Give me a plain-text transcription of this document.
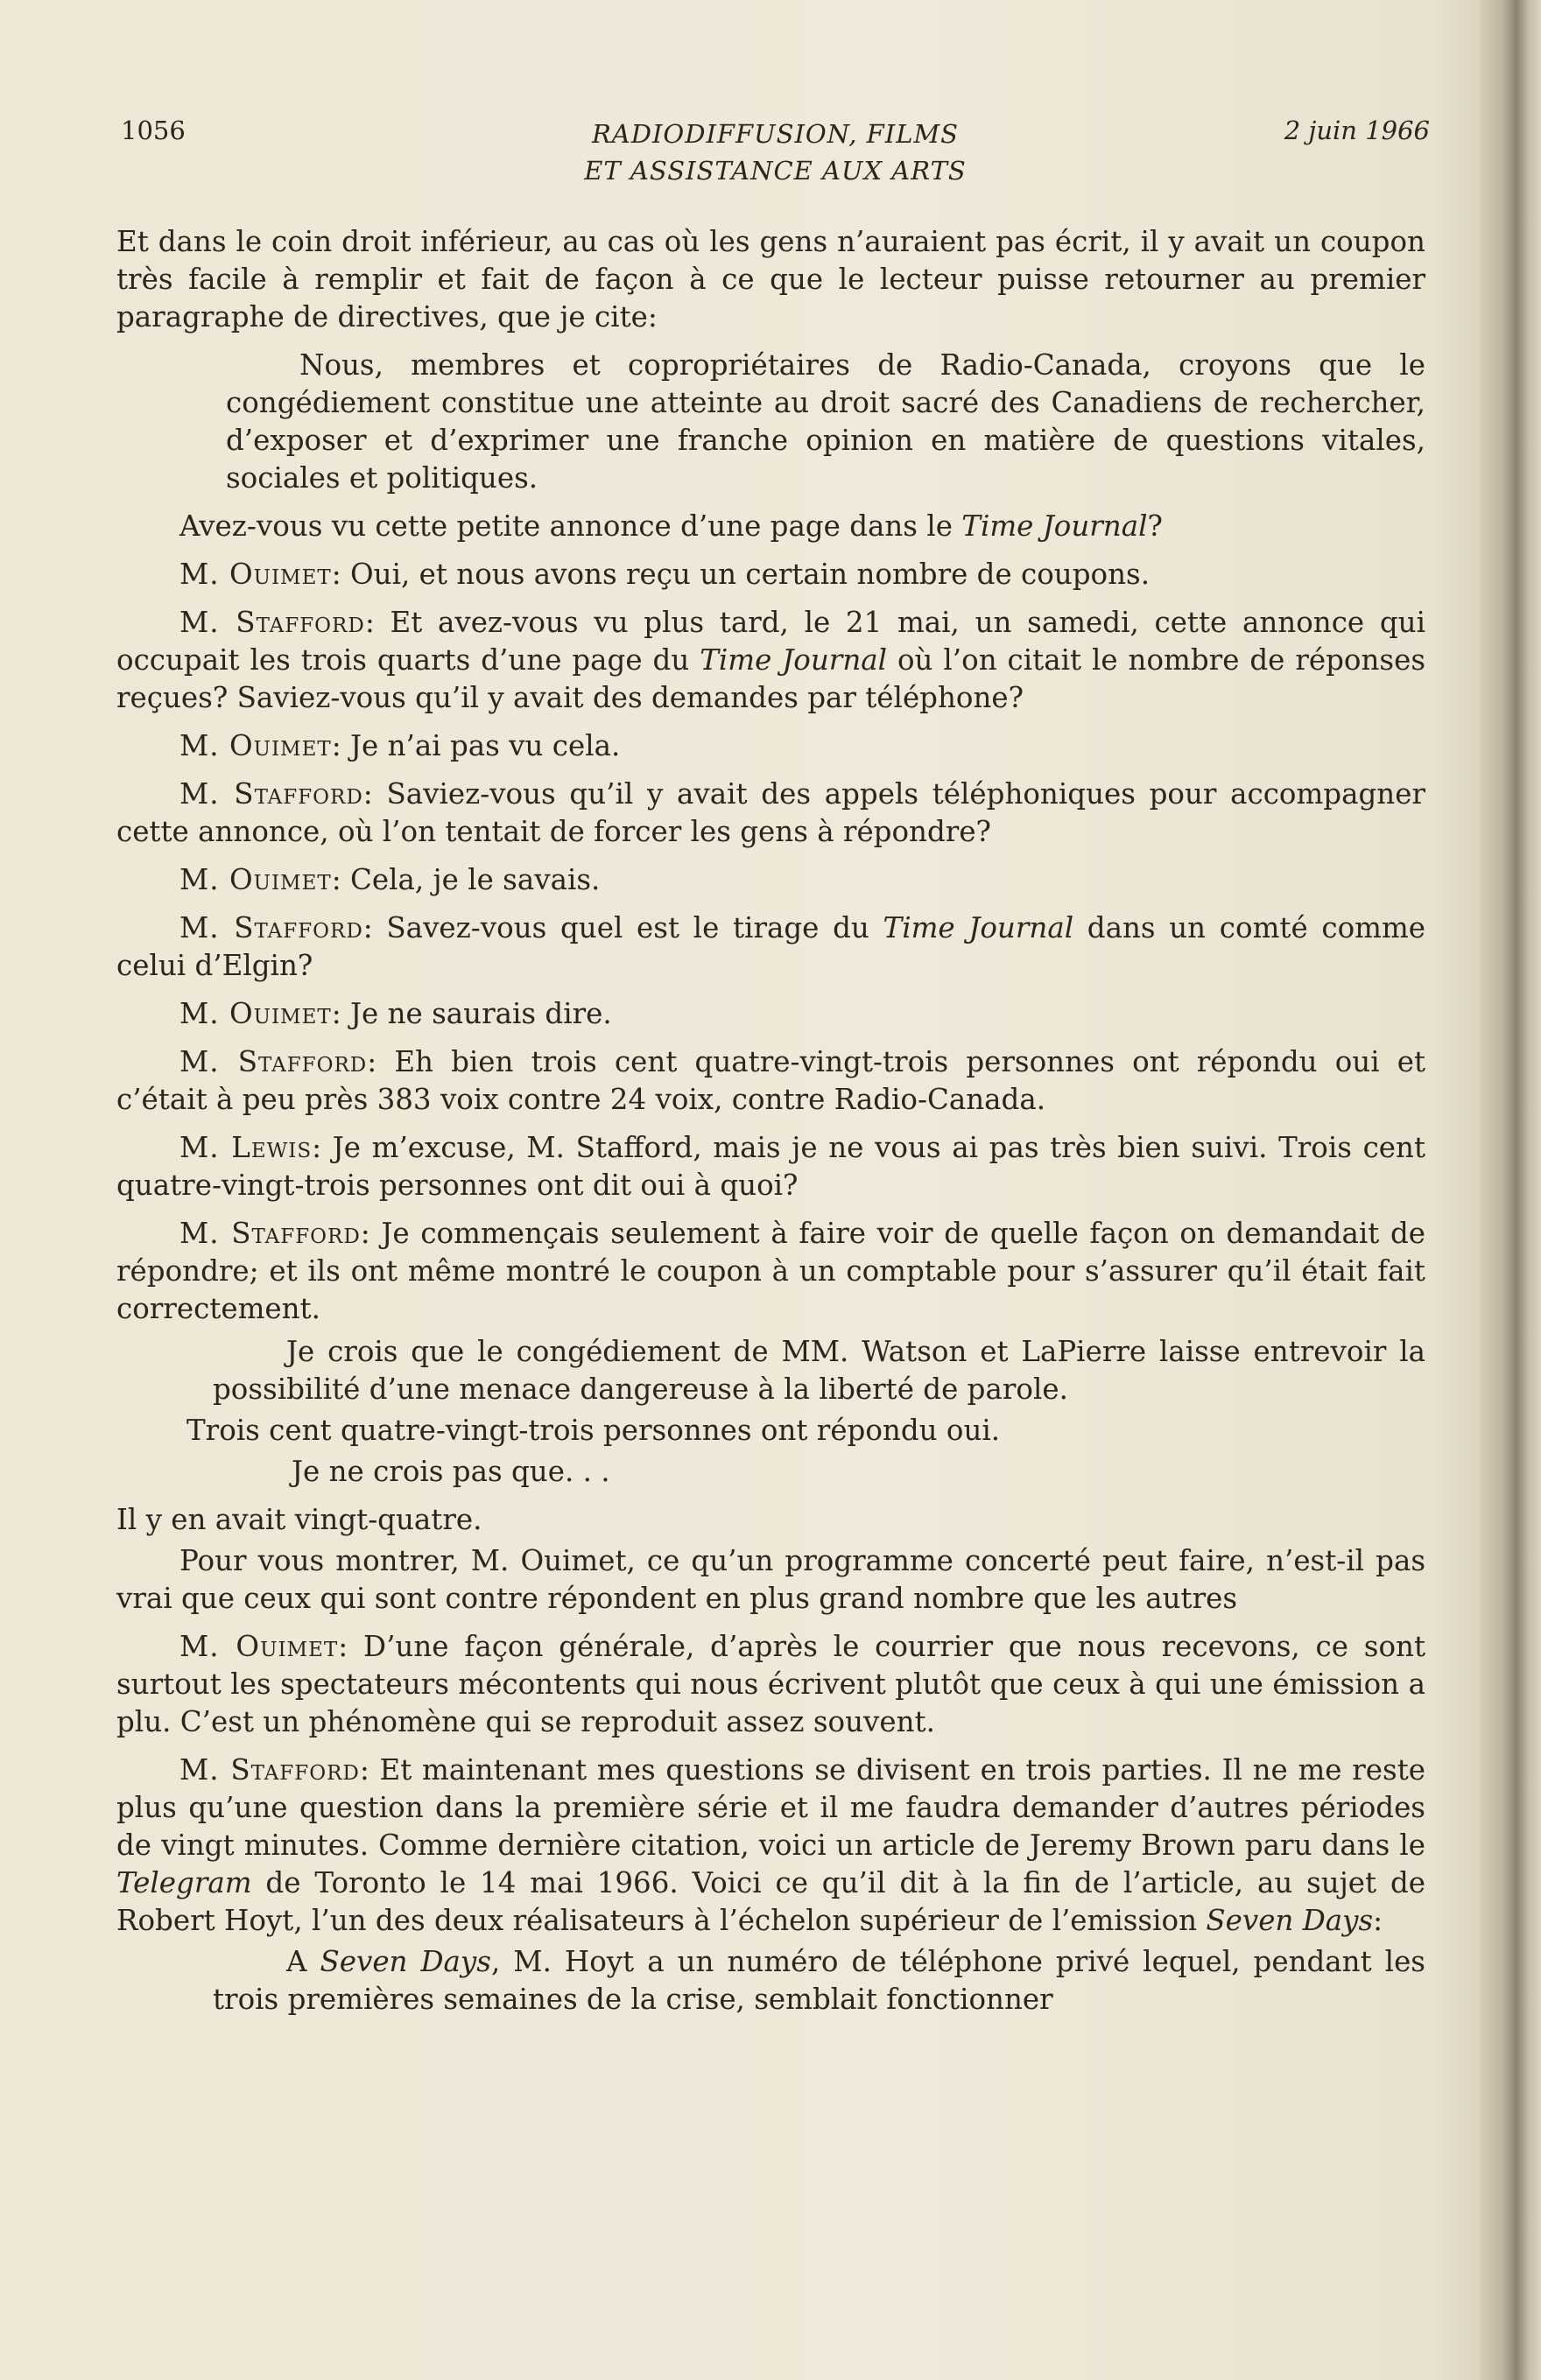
1056	RADIODIFFUSION, FILMS
ET ASSISTANCE AUX ARTS
2 juin 1966

Et dans le coin droit inférieur, au cas où les gens n’auraient pas écrit, il y avait un coupon très facile à remplir et fait de façon à ce que le lecteur puisse retourner au premier paragraphe de directives, que je cite:

Nous, membres et copropriétaires de Radio-Canada, croyons que le congédiement constitue une atteinte au droit sacré des Canadiens de rechercher, d’exposer et d’exprimer une franche opinion en matière de questions vitales, sociales et politiques.

Avez-vous vu cette petite annonce d’une page dans le Time Journal?

M. Ouimet: Oui, et nous avons reçu un certain nombre de coupons.

M. Stafford: Et avez-vous vu plus tard, le 21 mai, un samedi, cette annonce qui occupait les trois quarts d’une page du Time Journal où l’on citait le nombre de réponses reçues? Saviez-vous qu’il y avait des demandes par téléphone?

M. Ouimet: Je n’ai pas vu cela.

M. Stafford: Saviez-vous qu’il y avait des appels téléphoniques pour accompagner cette annonce, où l’on tentait de forcer les gens à répondre?

M. Ouimet: Cela, je le savais.

M. Stafford: Savez-vous quel est le tirage du Time Journal dans un comté comme celui d’Elgin?

M. Ouimet: Je ne saurais dire.

M. Stafford: Eh bien trois cent quatre-vingt-trois personnes ont répondu oui et c’était à peu près 383 voix contre 24 voix, contre Radio-Canada.

M. Lewis: Je m’excuse, M. Stafford, mais je ne vous ai pas très bien suivi. Trois cent quatre-vingt-trois personnes ont dit oui à quoi?

M. Stafford: Je commençais seulement à faire voir de quelle façon on demandait de répondre; et ils ont même montré le coupon à un comptable pour s’assurer qu’il était fait correctement.

Je crois que le congédiement de MM. Watson et LaPierre laisse entrevoir la possibilité d’une menace dangereuse à la liberté de parole.

Trois cent quatre-vingt-trois personnes ont répondu oui.

Je ne crois pas que. . .

Il y en avait vingt-quatre.

Pour vous montrer, M. Ouimet, ce qu’un programme concerté peut faire, n’est-il pas vrai que ceux qui sont contre répondent en plus grand nombre que les autres

M. Ouimet: D’une façon générale, d’après le courrier que nous recevons, ce sont surtout les spectateurs mécontents qui nous écrivent plutôt que ceux à qui une émission a plu. C’est un phénomène qui se reproduit assez souvent.

M. Stafford: Et maintenant mes questions se divisent en trois parties. Il ne me reste plus qu’une question dans la première série et il me faudra demander d’autres périodes de vingt minutes. Comme dernière citation, voici un article de Jeremy Brown paru dans le Telegram de Toronto le 14 mai 1966. Voici ce qu’il dit à la fin de l’article, au sujet de Robert Hoyt, l’un des deux réalisateurs à l’échelon supérieur de l’emission Seven Days:

A Seven Days, M. Hoyt a un numéro de téléphone privé lequel, pendant les trois premières semaines de la crise, semblait fonctionner
